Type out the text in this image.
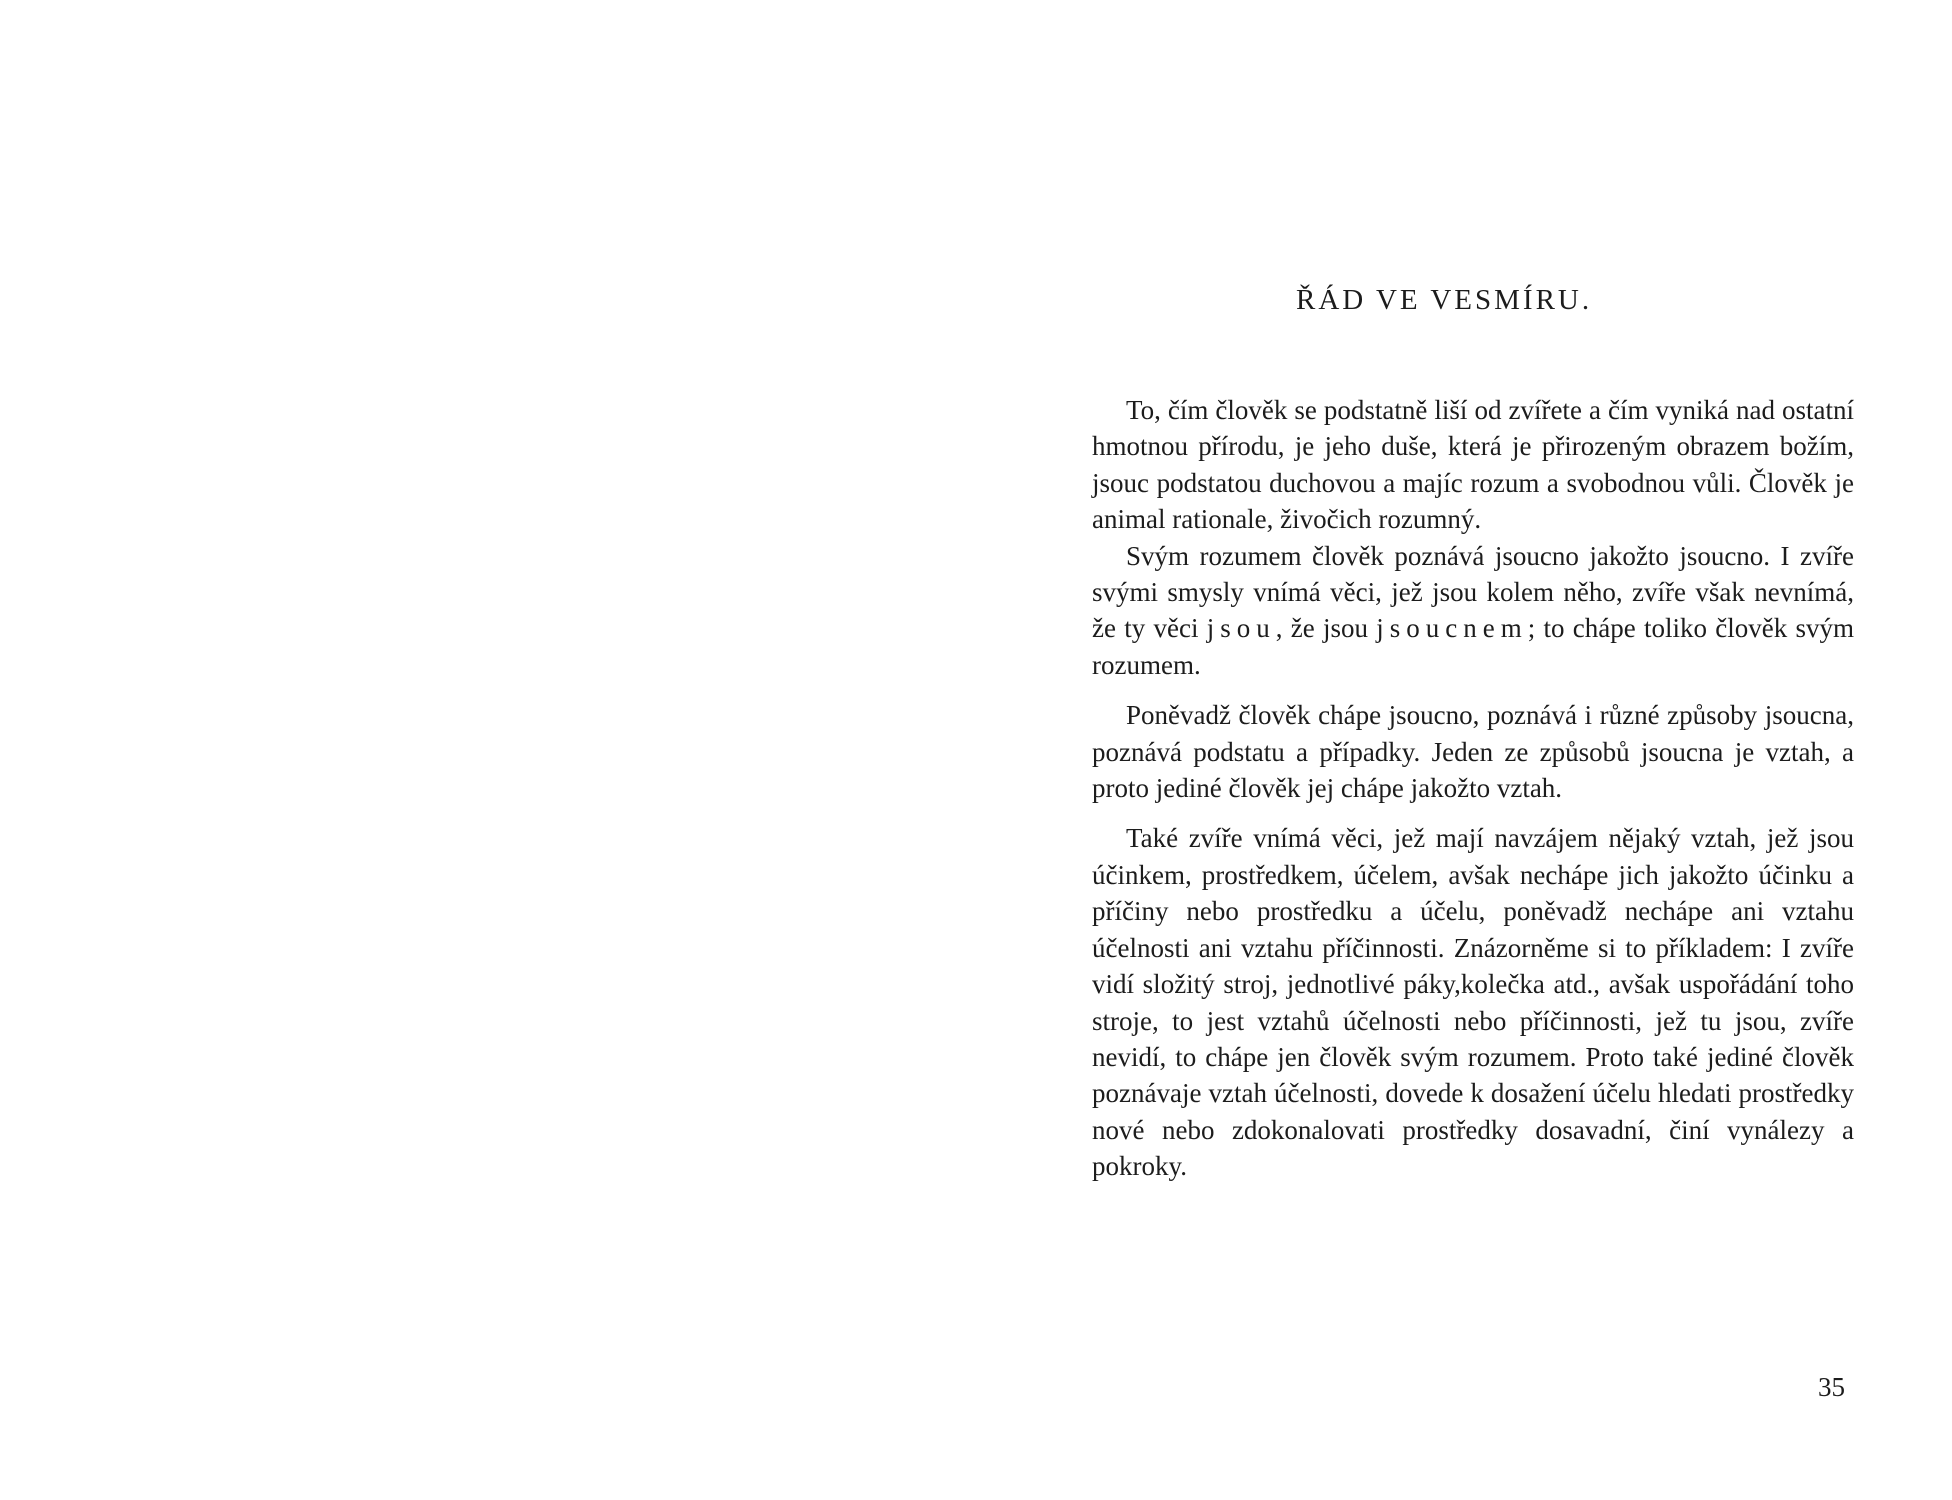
ŘÁD VE VESMÍRU.

To, čím člověk se podstatně liší od zvířete a čím vyniká nad ostatní hmotnou přírodu, je jeho duše, která je přirozeným obrazem božím, jsouc podstatou duchovou a majíc rozum a svobodnou vůli. Člověk je animal rationale, živočich rozumný.

Svým rozumem člověk poznává jsoucno jakožto jsoucno. I zvíře svými smysly vnímá věci, jež jsou kolem něho, zvíře však nevnímá, že ty věci jsou, že jsou jsoucnem; to chápe toliko člověk svým rozumem.

Poněvadž člověk chápe jsoucno, poznává i různé způsoby jsoucna, poznává podstatu a případky. Jeden ze způsobů jsoucna je vztah, a proto jediné člověk jej chápe jakožto vztah.

Také zvíře vnímá věci, jež mají navzájem nějaký vztah, jež jsou účinkem, prostředkem, účelem, avšak nechápe jich jakožto účinku a příčiny nebo prostředku a účelu, poněvadž nechápe ani vztahu účelnosti ani vztahu příčinnosti. Znázorněme si to příkladem: I zvíře vidí složitý stroj, jednotlivé páky,kolečka atd., avšak uspořádání toho stroje, to jest vztahů účelnosti nebo příčinnosti, jež tu jsou, zvíře nevidí, to chápe jen člověk svým rozumem. Proto také jediné člověk poznávaje vztah účelnosti, dovede k dosažení účelu hledati prostředky nové nebo zdokonalovati prostředky dosavadní, činí vynálezy a pokroky.

35
